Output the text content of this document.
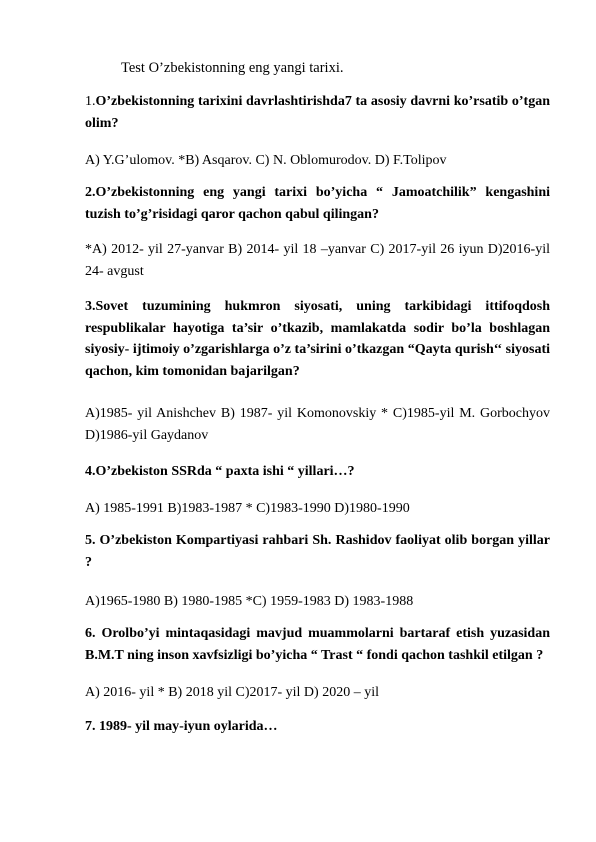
Test O’zbekistonning eng yangi tarixi.
1.O’zbekistonning tarixini davrlashtirishda7 ta asosiy davrni ko’rsatib o’tgan olim?
A) Y.G’ulomov. *B) Asqarov. C) N. Oblomurodov. D) F.Tolipov
2.O’zbekistonning eng yangi tarixi bo’yicha “ Jamoatchilik” kengashini tuzish to’g’risidagi qaror qachon qabul qilingan?
*A) 2012- yil 27-yanvar B) 2014- yil 18 –yanvar C) 2017-yil 26 iyun D)2016-yil 24- avgust
3.Sovet tuzumining hukmron siyosati, uning tarkibidagi ittifoqdosh respublikalar hayotiga ta’sir o’tkazib, mamlakatda sodir bo’la boshlagan siyosiy- ijtimoiy o’zgarishlarga o’z ta’sirini o’tkazgan “Qayta qurish‘‘ siyosati qachon, kim tomonidan bajarilgan?
A)1985- yil Anishchev B) 1987- yil Komonovskiy * C)1985-yil M. Gorbochyov D)1986-yil Gaydanov
4.O’zbekiston SSRda “ paxta ishi “ yillari…?
A) 1985-1991 B)1983-1987 * C)1983-1990 D)1980-1990
5. O’zbekiston Kompartiyasi rahbari Sh. Rashidov faoliyat olib borgan yillar ?
A)1965-1980 B) 1980-1985 *C) 1959-1983 D) 1983-1988
6. Orolbo’yi mintaqasidagi mavjud muammolarni bartaraf etish yuzasidan B.M.T ning inson xavfsizligi bo’yicha “ Trast “ fondi qachon tashkil etilgan ?
A) 2016- yil * B) 2018 yil C)2017- yil D) 2020 – yil
7. 1989- yil may-iyun oylarida…
